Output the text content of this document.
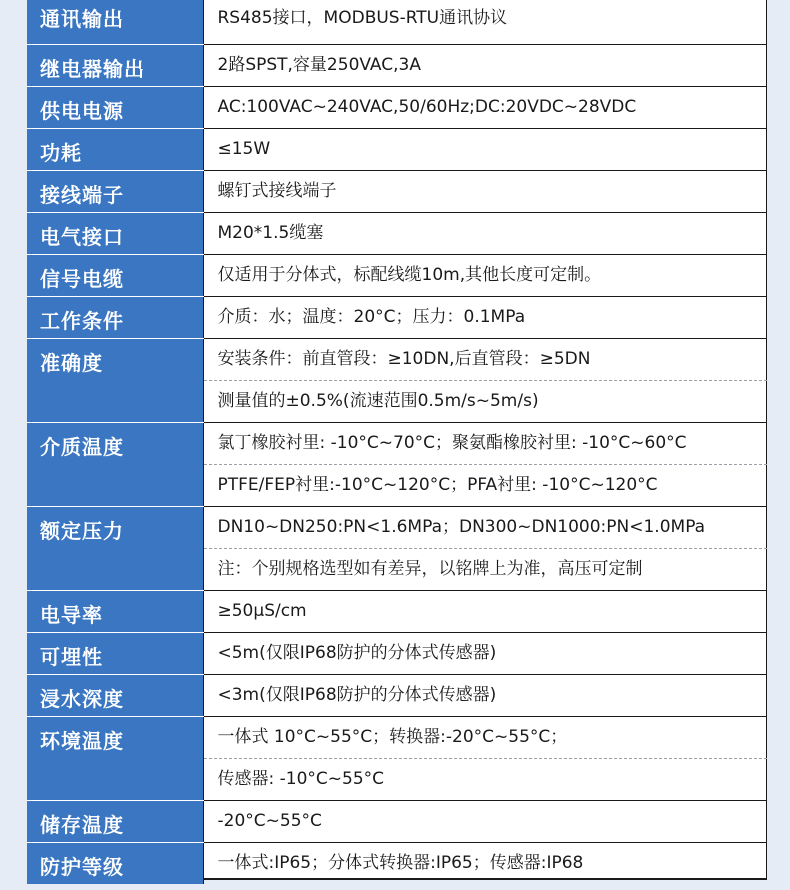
通讯输出	RS485接口，MODBUS-RTU通讯协议
继电器输出	2路SPST,容量250VAC,3A
供电电源	AC:100VAC~240VAC,50/60Hz;DC:20VDC~28VDC
功耗	≤15W
接线端子	螺钉式接线端子
电气接口	M20*1.5缆塞
信号电缆	仅适用于分体式，标配线缆10m,其他长度可定制。
工作条件	介质：水；温度：20°C；压力：0.1MPa
准确度	安装条件：前直管段：≥10DN,后直管段：≥5DN
	测量值的±0.5%(流速范围0.5m/s~5m/s)
介质温度	氯丁橡胶衬里: -10°C~70°C；聚氨酯橡胶衬里: -10°C~60°C
	PTFE/FEP衬里:-10°C~120°C；PFA衬里: -10°C~120°C
额定压力	DN10~DN250:PN<1.6MPa；DN300~DN1000:PN<1.0MPa
	注：个别规格选型如有差异，以铭牌上为准，高压可定制
电导率	≥50μS/cm
可埋性	<5m(仅限IP68防护的分体式传感器)
浸水深度	<3m(仅限IP68防护的分体式传感器)
环境温度	一体式 10°C~55°C；转换器:-20°C~55°C；
	传感器: -10°C~55°C
储存温度	-20°C~55°C
防护等级	一体式:IP65；分体式转换器:IP65；传感器:IP68
